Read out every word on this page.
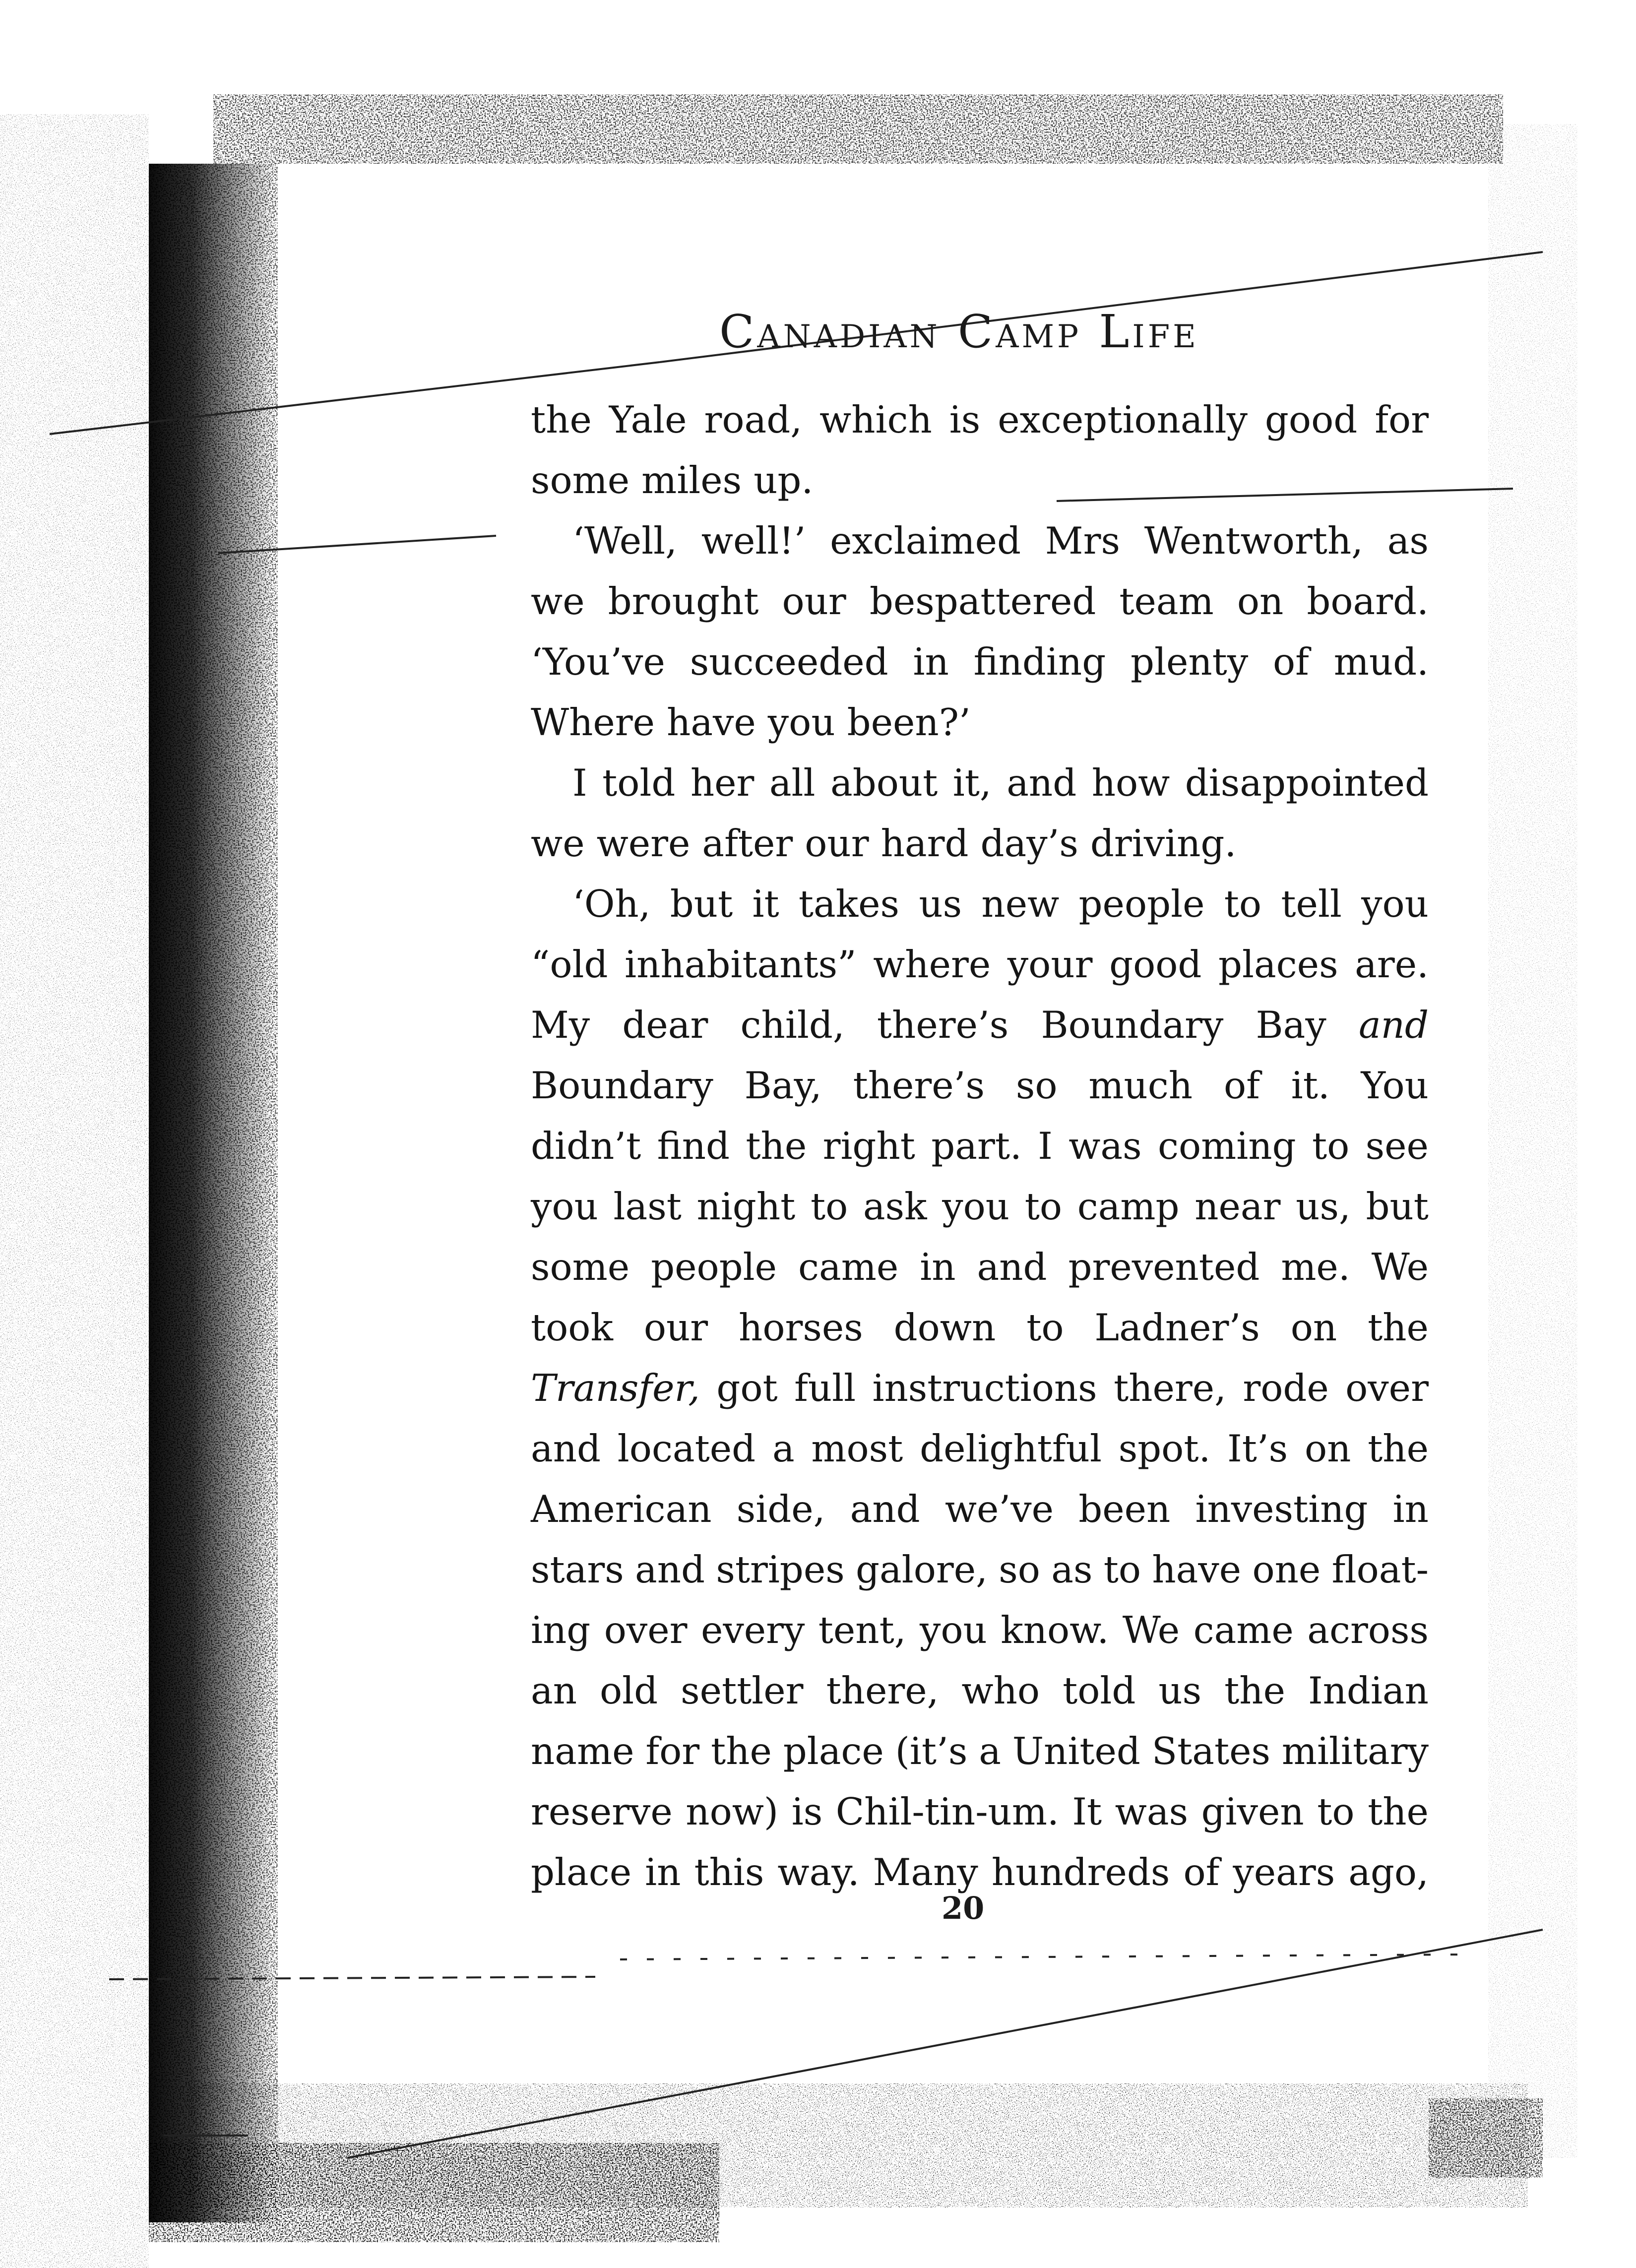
Canadian Camp Life
the Yale road, which is exceptionally good for
some miles up.
‘Well, well!’ exclaimed Mrs Wentworth, as
we brought our bespattered team on board.
‘You’ve succeeded in finding plenty of mud.
Where have you been?’
I told her all about it, and how disappointed
we were after our hard day’s driving.
‘Oh, but it takes us new people to tell you
“old inhabitants” where your good places are.
My dear child, there’s Boundary Bay and
Boundary Bay, there’s so much of it. You
didn’t find the right part. I was coming to see
you last night to ask you to camp near us, but
some people came in and prevented me. We
took our horses down to Ladner’s on the
Transfer, got full instructions there, rode over
and located a most delightful spot. It’s on the
American side, and we’ve been investing in
stars and stripes galore, so as to have one float-
ing over every tent, you know. We came across
an old settler there, who told us the Indian
name for the place (it’s a United States military
reserve now) is Chil-tin-um. It was given to the
place in this way. Many hundreds of years ago,
20
